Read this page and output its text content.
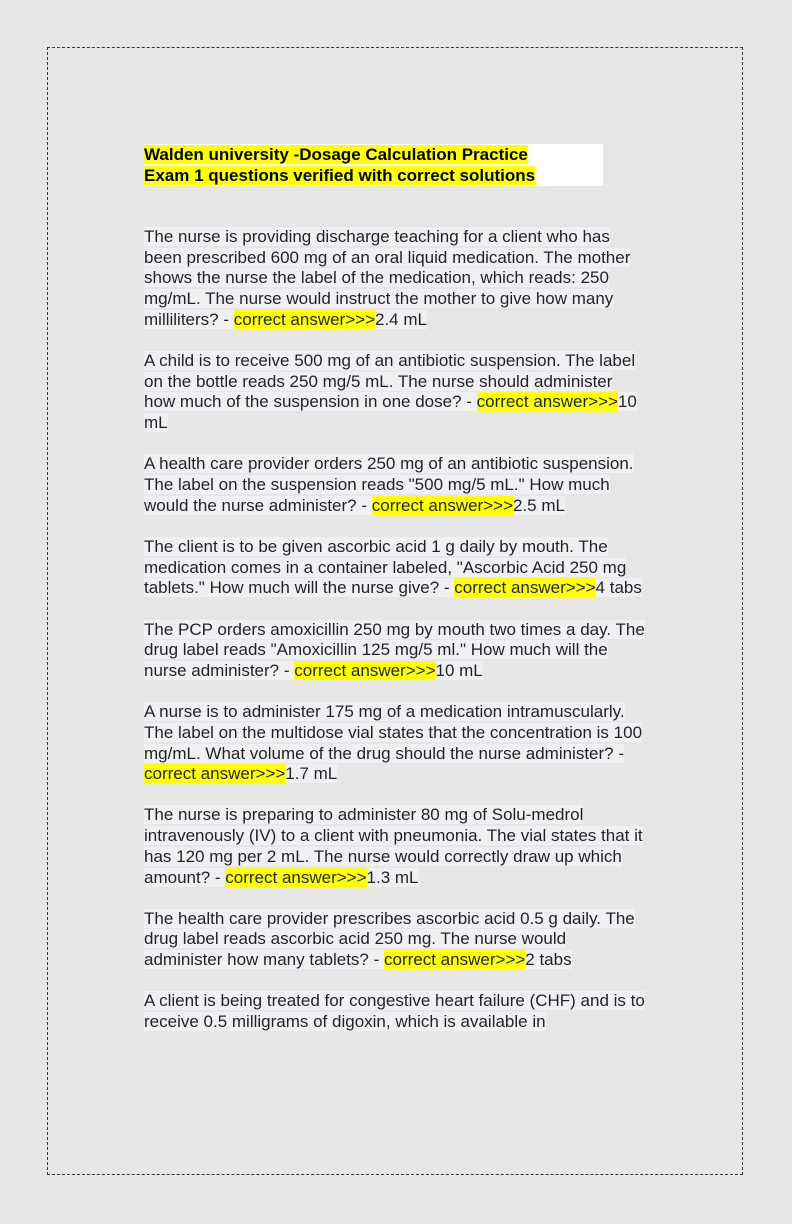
Walden university -Dosage Calculation Practice
Exam 1 questions verified with correct solutions

The nurse is providing discharge teaching for a client who has been prescribed 600 mg of an oral liquid medication. The mother shows the nurse the label of the medication, which reads: 250 mg/mL. The nurse would instruct the mother to give how many milliliters? - correct answer>>>2.4 mL

A child is to receive 500 mg of an antibiotic suspension. The label on the bottle reads 250 mg/5 mL. The nurse should administer how much of the suspension in one dose? - correct answer>>>10 mL

A health care provider orders 250 mg of an antibiotic suspension. The label on the suspension reads "500 mg/5 mL." How much would the nurse administer? - correct answer>>>2.5 mL

The client is to be given ascorbic acid 1 g daily by mouth. The medication comes in a container labeled, "Ascorbic Acid 250 mg tablets." How much will the nurse give? - correct answer>>>4 tabs

The PCP orders amoxicillin 250 mg by mouth two times a day. The drug label reads "Amoxicillin 125 mg/5 ml." How much will the nurse administer? - correct answer>>>10 mL

A nurse is to administer 175 mg of a medication intramuscularly. The label on the multidose vial states that the concentration is 100 mg/mL. What volume of the drug should the nurse administer? - correct answer>>>1.7 mL

The nurse is preparing to administer 80 mg of Solu-medrol intravenously (IV) to a client with pneumonia. The vial states that it has 120 mg per 2 mL. The nurse would correctly draw up which amount? - correct answer>>>1.3 mL

The health care provider prescribes ascorbic acid 0.5 g daily. The drug label reads ascorbic acid 250 mg. The nurse would administer how many tablets? - correct answer>>>2 tabs

A client is being treated for congestive heart failure (CHF) and is to receive 0.5 milligrams of digoxin, which is available in
